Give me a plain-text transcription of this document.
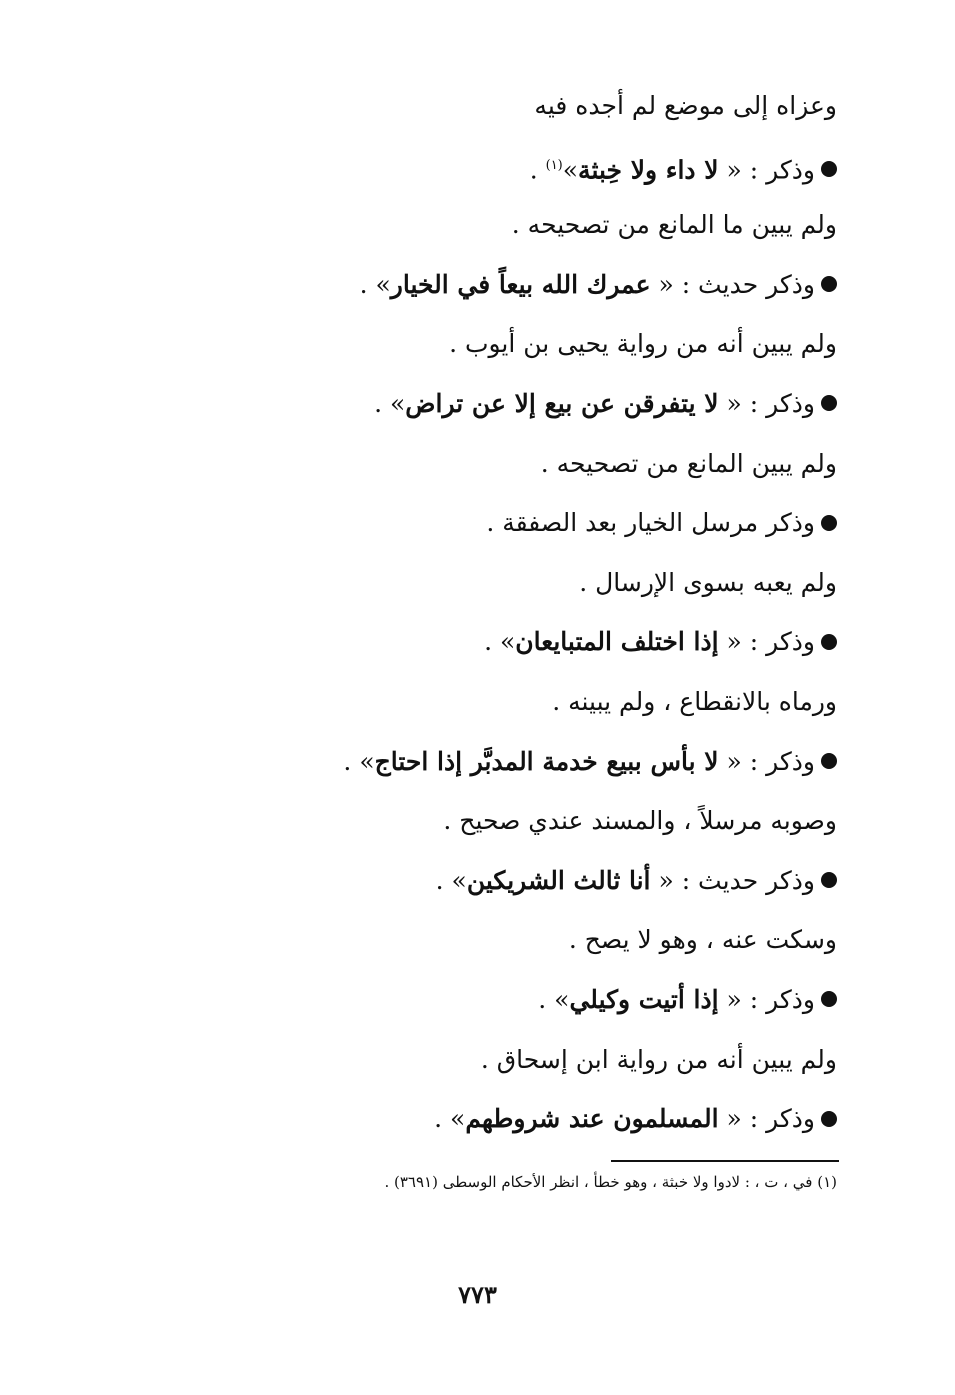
وعزاه إلى موضع لم أجده فيه
وذكر : « لا داء ولا خِبثة»$^{(١)}$ .
ولم يبين ما المانع من تصحيحه .
وذكر حديث : « عمرك الله بيعاً في الخيار» .
ولم يبين أنه من رواية يحيى بن أيوب .
وذكر : « لا يتفرقن عن بيع إلا عن تراض» .
ولم يبين المانع من تصحيحه .
وذكر مرسل الخيار بعد الصفقة .
ولم يعبه بسوى الإرسال .
وذكر : « إذا اختلف المتبايعان» .
ورماه بالانقطاع ، ولم يبينه .
وذكر : « لا بأس ببيع خدمة المدبَّر إذا احتاج» .
وصوبه مرسلاً ، والمسند عندي صحيح .
وذكر حديث : « أنا ثالث الشريكين» .
وسكت عنه ، وهو لا يصح .
وذكر : « إذا أتيت وكيلي» .
ولم يبين أنه من رواية ابن إسحاق .
وذكر : « المسلمون عند شروطهم» .
(١) في ، ت ، : لادوا ولا خبثة ، وهو خطأ ، انظر الأحكام الوسطى (٣٦٩١) .
٧٧٣
